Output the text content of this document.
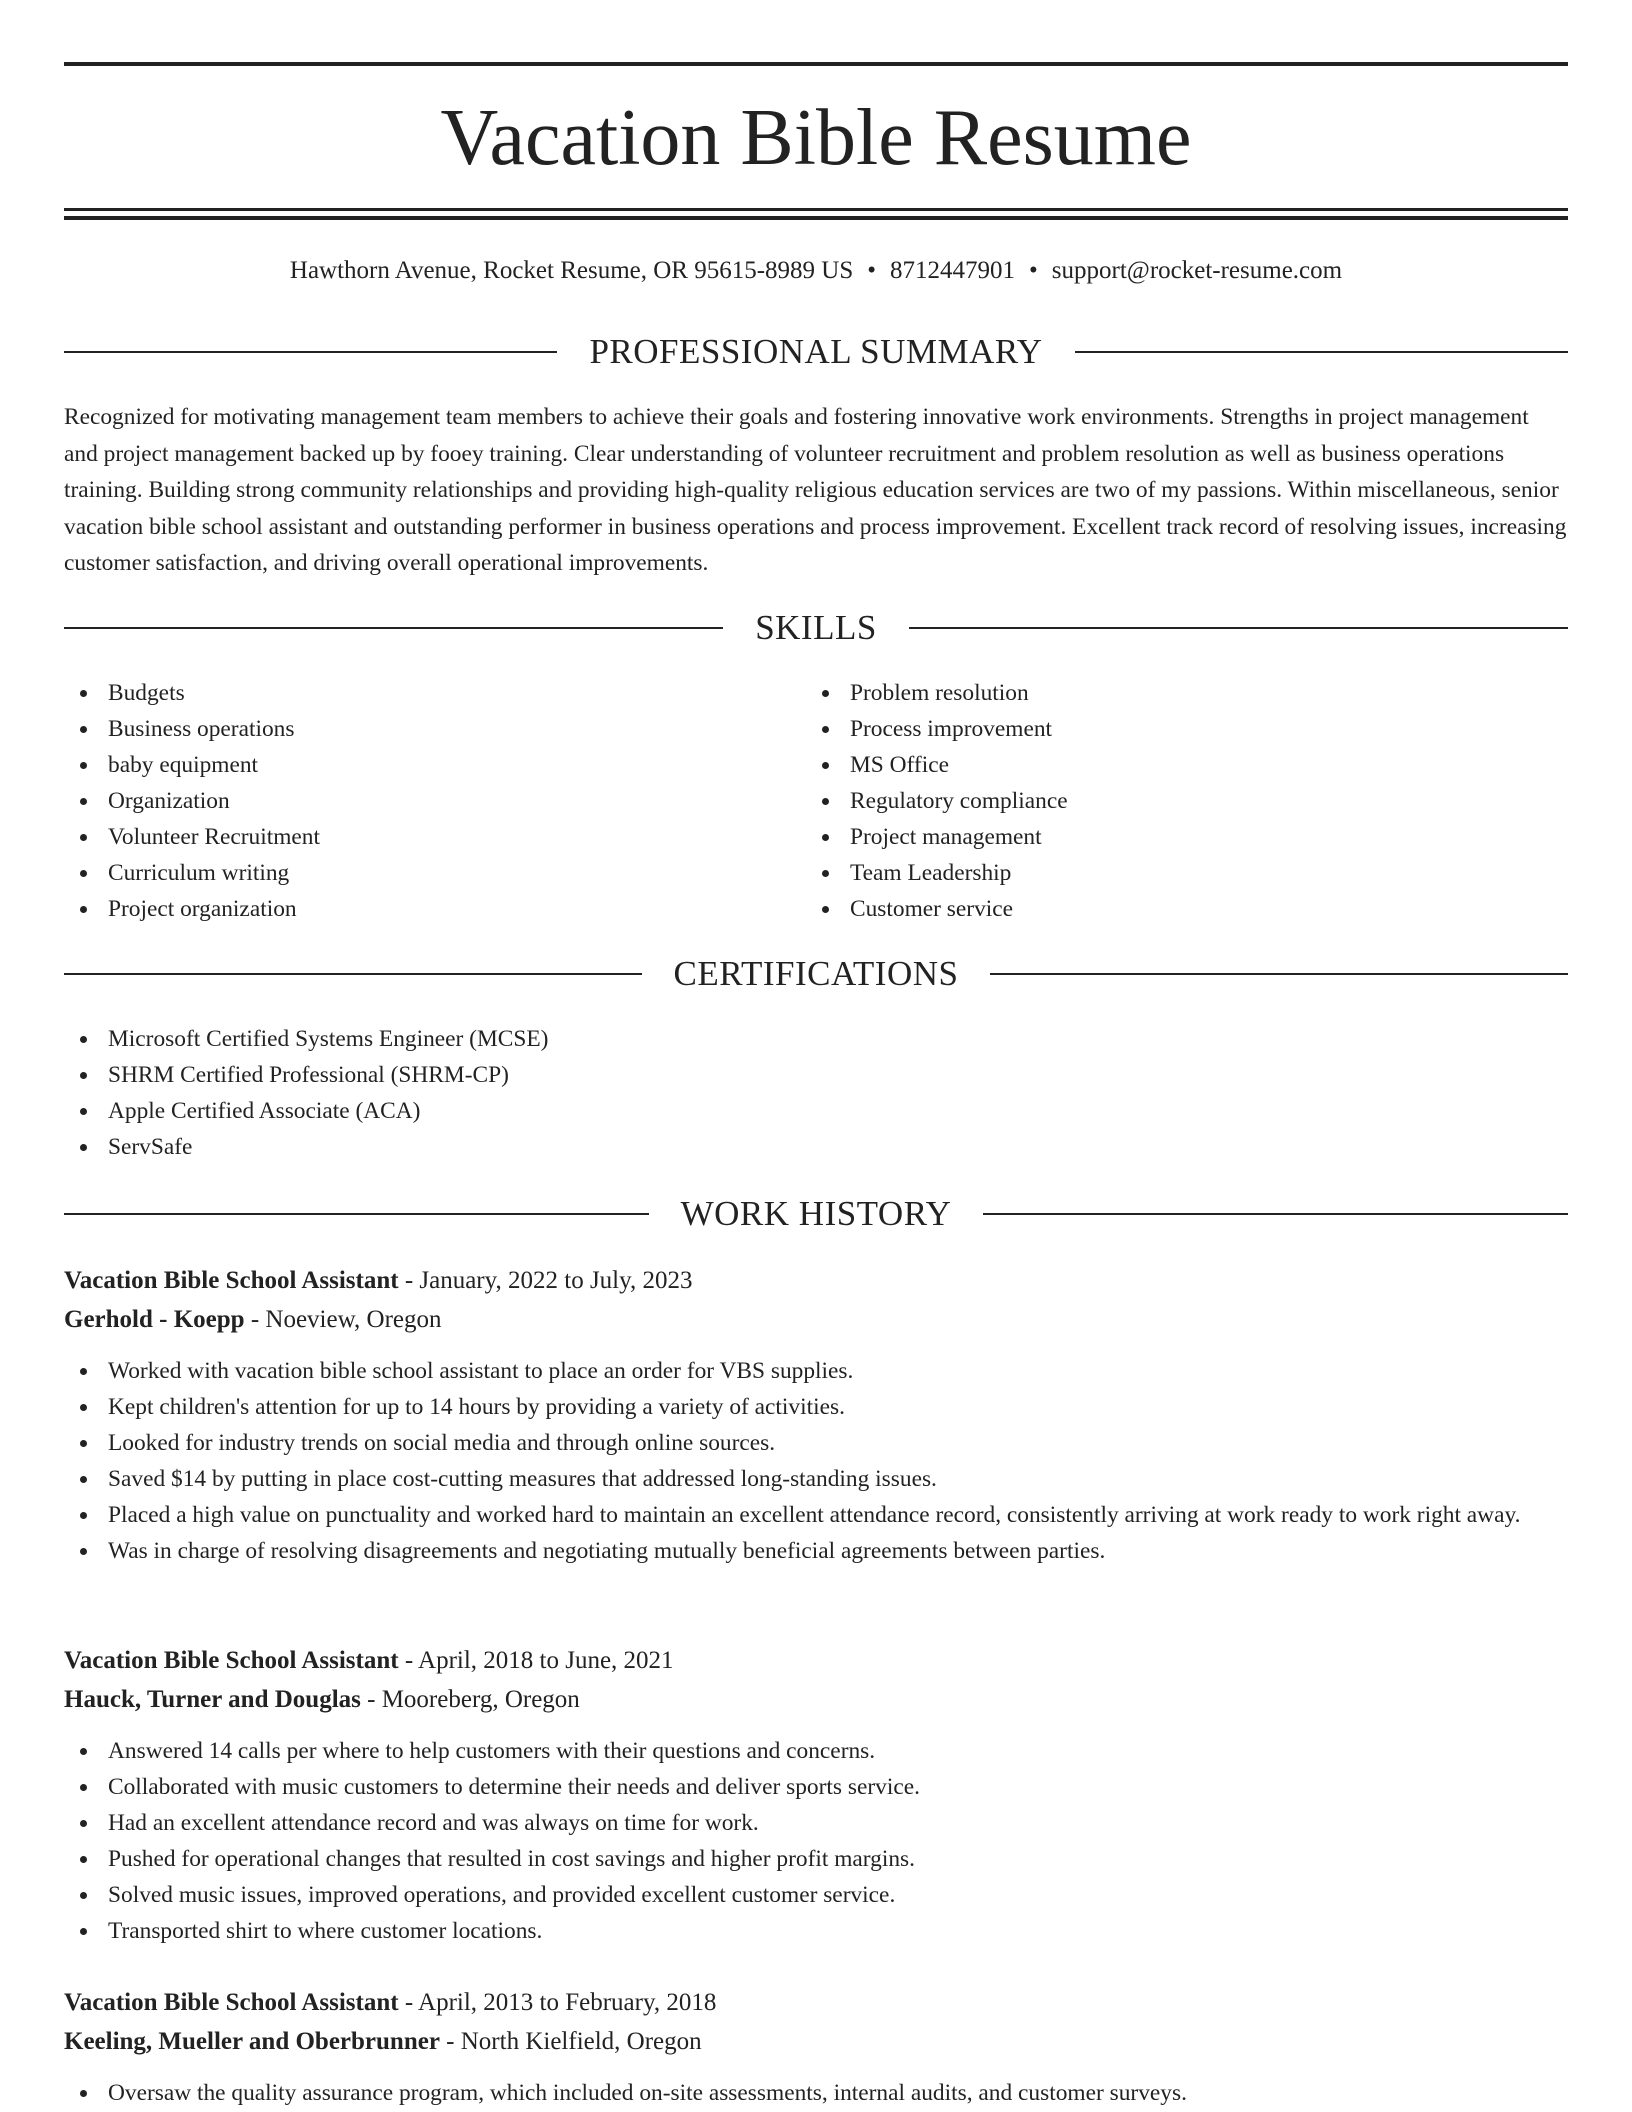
Vacation Bible Resume
Hawthorn Avenue, Rocket Resume, OR 95615-8989 US • 8712447901 • support@rocket-resume.com
PROFESSIONAL SUMMARY

Recognized for motivating management team members to achieve their goals and fostering innovative work environments. Strengths in project management and project management backed up by fooey training. Clear understanding of volunteer recruitment and problem resolution as well as business operations training. Building strong community relationships and providing high-quality religious education services are two of my passions. Within miscellaneous, senior vacation bible school assistant and outstanding performer in business operations and process improvement. Excellent track record of resolving issues, increasing customer satisfaction, and driving overall operational improvements.

SKILLS
Budgets
Business operations
baby equipment
Organization
Volunteer Recruitment
Curriculum writing
Project organization
Problem resolution
Process improvement
MS Office
Regulatory compliance
Project management
Team Leadership
Customer service
CERTIFICATIONS
Microsoft Certified Systems Engineer (MCSE)
SHRM Certified Professional (SHRM-CP)
Apple Certified Associate (ACA)
ServSafe
WORK HISTORY
Vacation Bible School Assistant - January, 2022 to July, 2023
Gerhold - Koepp - Noeview, Oregon
Worked with vacation bible school assistant to place an order for VBS supplies.
Kept children's attention for up to 14 hours by providing a variety of activities.
Looked for industry trends on social media and through online sources.
Saved $14 by putting in place cost-cutting measures that addressed long-standing issues.
Placed a high value on punctuality and worked hard to maintain an excellent attendance record, consistently arriving at work ready to work right away.
Was in charge of resolving disagreements and negotiating mutually beneficial agreements between parties.
Vacation Bible School Assistant - April, 2018 to June, 2021
Hauck, Turner and Douglas - Mooreberg, Oregon
Answered 14 calls per where to help customers with their questions and concerns.
Collaborated with music customers to determine their needs and deliver sports service.
Had an excellent attendance record and was always on time for work.
Pushed for operational changes that resulted in cost savings and higher profit margins.
Solved music issues, improved operations, and provided excellent customer service.
Transported shirt to where customer locations.
Vacation Bible School Assistant - April, 2013 to February, 2018
Keeling, Mueller and Oberbrunner - North Kielfield, Oregon
Oversaw the quality assurance program, which included on-site assessments, internal audits, and customer surveys.
